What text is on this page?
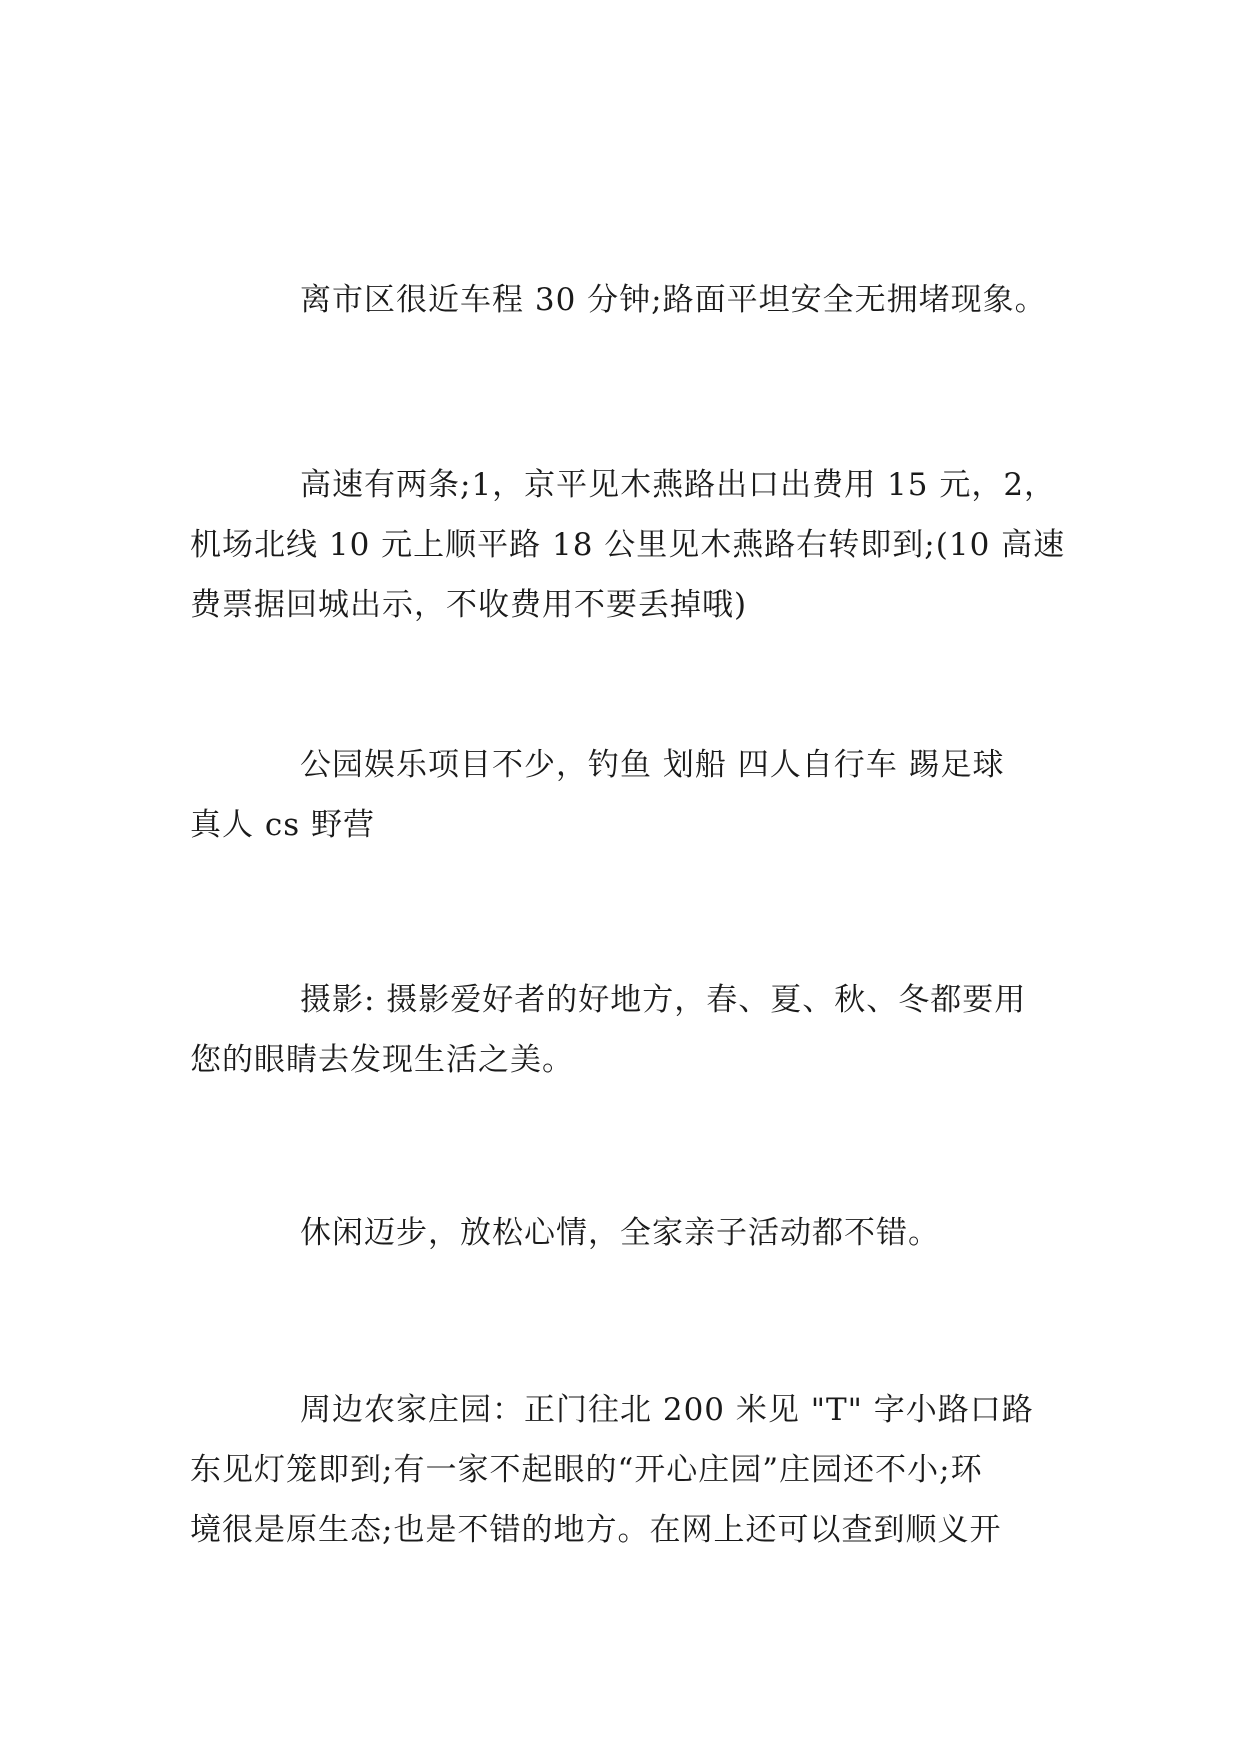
离市区很近车程 30 分钟;路面平坦安全无拥堵现象。
高速有两条;1，京平见木燕路出口出费用 15 元，2，
机场北线 10 元上顺平路 18 公里见木燕路右转即到;(10 高速
费票据回城出示，不收费用不要丢掉哦)
公园娱乐项目不少，钓鱼 划船 四人自行车 踢足球
真人 cs 野营
摄影: 摄影爱好者的好地方，春、夏、秋、冬都要用
您的眼睛去发现生活之美。
休闲迈步，放松心情，全家亲子活动都不错。
周边农家庄园：正门往北 200 米见 "T" 字小路口路
东见灯笼即到;有一家不起眼的“开心庄园”庄园还不小;环
境很是原生态;也是不错的地方。在网上还可以查到顺义开
